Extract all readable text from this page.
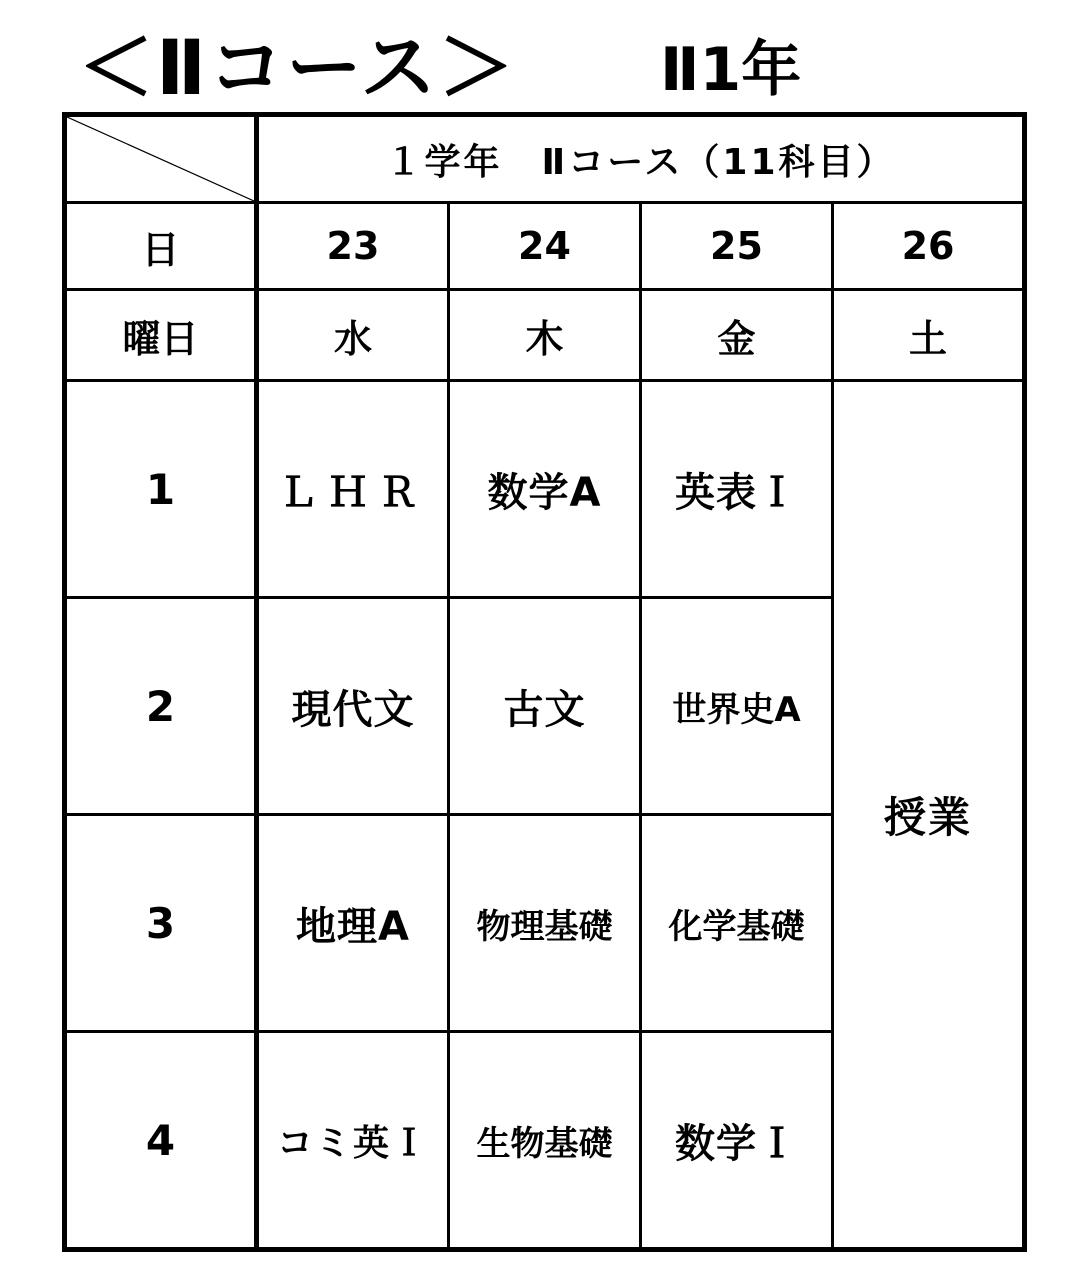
＜Ⅱコース＞ Ⅱ1年
	１学年　Ⅱコース（11科目）			
日	23	24	25	26
曜日	水	木	金	土
1	ＬＨＲ	数学A	英表Ｉ	授業
2	現代文	古文	世界史A	
3	地理A	物理基礎	化学基礎	
4	コミ英Ｉ	生物基礎	数学Ｉ	
